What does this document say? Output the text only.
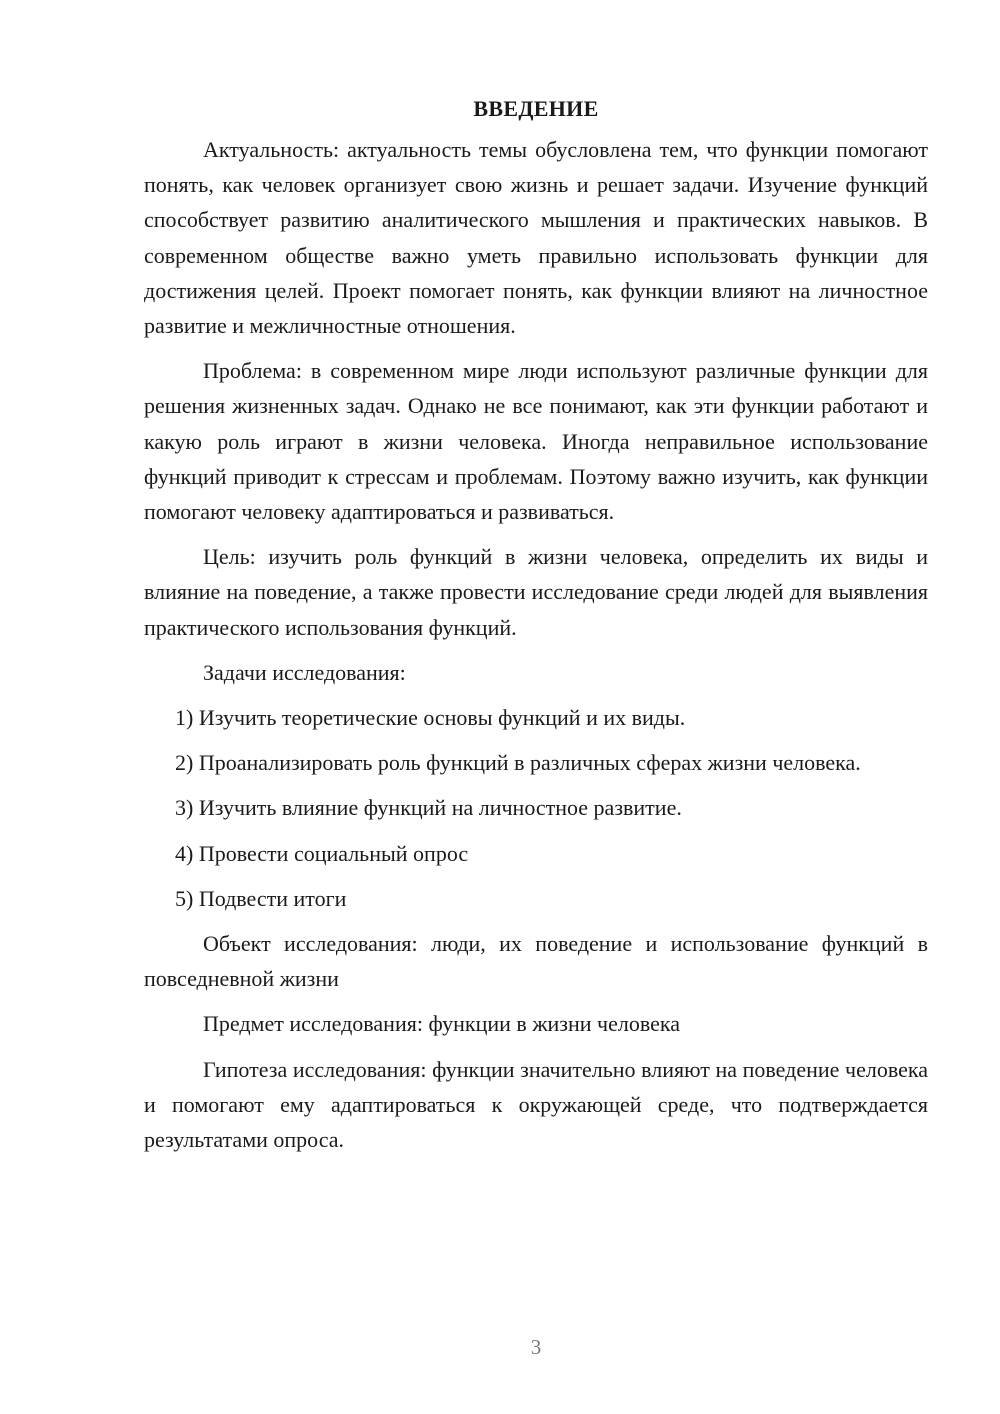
ВВЕДЕНИЕ

Актуальность: актуальность темы обусловлена тем, что функции помогают понять, как человек организует свою жизнь и решает задачи. Изучение функций способствует развитию аналитического мышления и практических навыков. В современном обществе важно уметь правильно использовать функции для достижения целей. Проект помогает понять, как функции влияют на личностное развитие и межличностные отношения.

Проблема: в современном мире люди используют различные функции для решения жизненных задач. Однако не все понимают, как эти функции работают и какую роль играют в жизни человека. Иногда неправильное использование функций приводит к стрессам и проблемам. Поэтому важно изучить, как функции помогают человеку адаптироваться и развиваться.

Цель: изучить роль функций в жизни человека, определить их виды и влияние на поведение, а также провести исследование среди людей для выявления практического использования функций.

Задачи исследования:

1) Изучить теоретические основы функций и их виды.

2) Проанализировать роль функций в различных сферах жизни человека.

3) Изучить влияние функций на личностное развитие.

4) Провести социальный опрос

5) Подвести итоги

Объект исследования: люди, их поведение и использование функций в повседневной жизни

Предмет исследования: функции в жизни человека

Гипотеза исследования: функции значительно влияют на поведение человека и помогают ему адаптироваться к окружающей среде, что подтверждается результатами опроса.

3
